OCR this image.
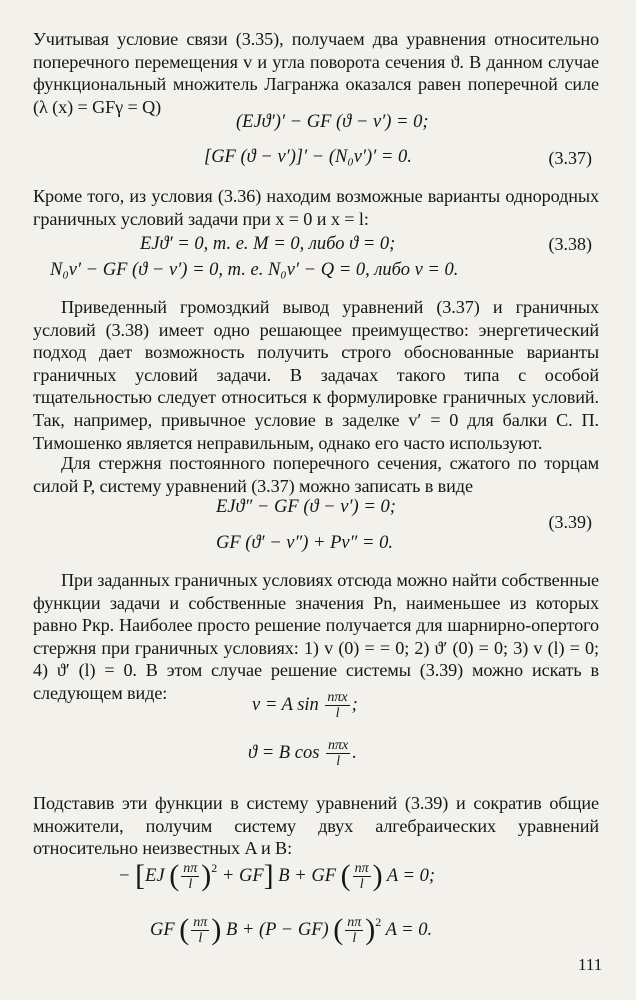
Учитывая условие связи (3.35), получаем два уравнения относительно поперечного перемещения v и угла поворота сечения ϑ. В данном случае функциональный множитель Лагранжа оказался равен поперечной силе (λ (x) = GFγ = Q)
(EJϑ′)′ − GF (ϑ − v′) = 0;
[GF (ϑ − v′)]′ − (N₀v′)′ = 0.	(3.37)
Кроме того, из условия (3.36) находим возможные варианты однородных граничных условий задачи при x = 0 и x = l:
EJϑ′ = 0, т. е. M = 0, либо ϑ = 0;	(3.38)
N₀v′ − GF (ϑ − v′) = 0, т. е. N₀v′ − Q = 0, либо v = 0.
Приведенный громоздкий вывод уравнений (3.37) и граничных условий (3.38) имеет одно решающее преимущество: энергетический подход дает возможность получить строго обоснованные варианты граничных условий задачи. В задачах такого типа с особой тщательностью следует относиться к формулировке граничных условий. Так, например, привычное условие в заделке v′ = 0 для балки С. П. Тимошенко является неправильным, однако его часто используют.
Для стержня постоянного поперечного сечения, сжатого по торцам силой P, систему уравнений (3.37) можно записать в виде
EJϑ″ − GF (ϑ − v′) = 0;
(3.39)
GF (ϑ′ − v″) + Pv″ = 0.
При заданных граничных условиях отсюда можно найти собственные функции задачи и собственные значения Pn, наименьшее из которых равно Pкр. Наиболее просто решение получается для шарнирно-опертого стержня при граничных условиях: 1) v (0) = = 0; 2) ϑ′ (0) = 0; 3) v (l) = 0; 4) ϑ′ (l) = 0. В этом случае решение системы (3.39) можно искать в следующем виде:
v = A $\sin \frac{\text{nπx}}{l}$ ;
ϑ = B $\cos \frac{\text{nπx}}{l}$ .
Подставив эти функции в систему уравнений (3.39) и сократив общие множители, получим систему двух алгебраических уравнений относительно неизвестных A и B:
− [EJ ( $\frac{n\pi}{l} )^2 + GF$] B + GF ( $\frac{n\pi}{l}$ ) A = 0;
GF ( $\frac{n\pi}{l}$ ) B + (P − GF) ( $\frac{n\pi}{l} )^2$ A = 0.
111
